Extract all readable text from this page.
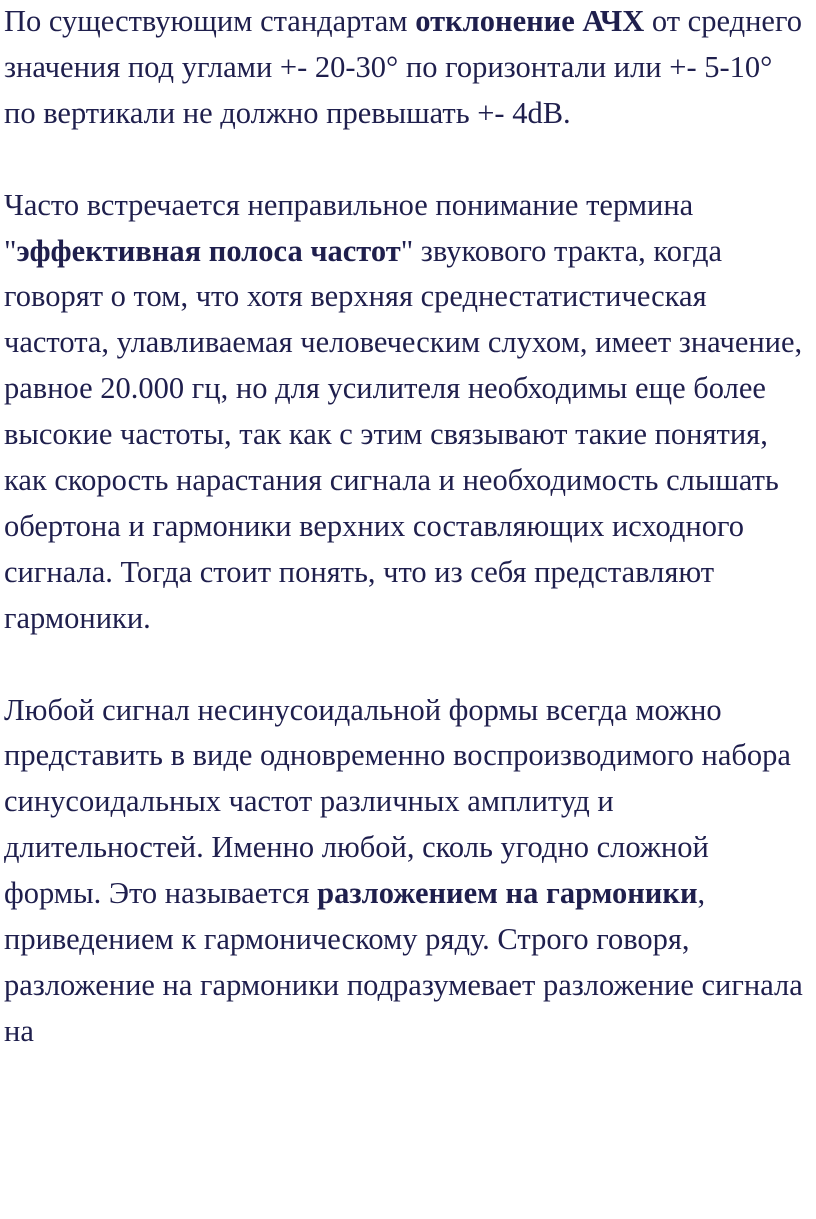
По существующим стандартам отклонение АЧХ от среднего значения под углами +- 20-30° по горизонтали или +- 5-10° по вертикали не должно превышать +- 4dB.

Часто встречается неправильное понимание термина "эффективная полоса частот" звукового тракта, когда говорят о том, что хотя верхняя среднестатистическая частота, улавливаемая человеческим слухом, имеет значение, равное 20.000 гц, но для усилителя необходимы еще более высокие частоты, так как с этим связывают такие понятия, как скорость нарастания сигнала и необходимость слышать обертона и гармоники верхних составляющих исходного сигнала. Тогда стоит понять, что из себя представляют гармоники.

Любой сигнал несинусоидальной формы всегда можно представить в виде одновременно воспроизводимого набора синусоидальных частот различных амплитуд и длительностей. Именно любой, сколь угодно сложной формы. Это называется разложением на гармоники, приведением к гармоническому ряду. Строго говоря, разложение на гармоники подразумевает разложение сигнала на
